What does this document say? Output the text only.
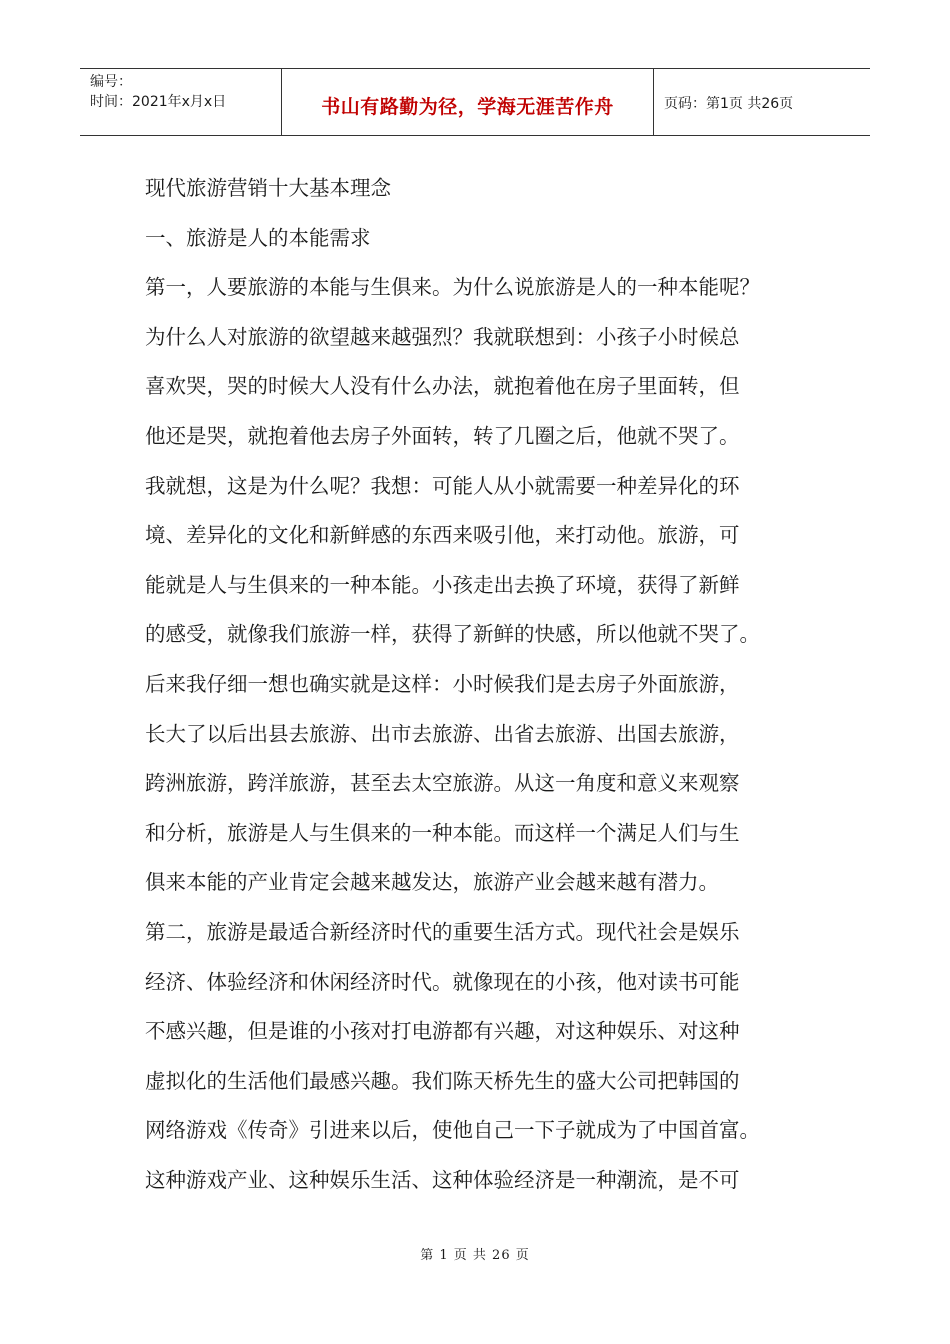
编号：
时间：2021年x月x日	书山有路勤为径，学海无涯苦作舟	页码：第1页 共26页

现代旅游营销十大基本理念

一、旅游是人的本能需求

第一，人要旅游的本能与生俱来。为什么说旅游是人的一种本能呢？

为什么人对旅游的欲望越来越强烈？我就联想到：小孩子小时候总

喜欢哭，哭的时候大人没有什么办法，就抱着他在房子里面转，但

他还是哭，就抱着他去房子外面转，转了几圈之后，他就不哭了。

我就想，这是为什么呢？我想：可能人从小就需要一种差异化的环

境、差异化的文化和新鲜感的东西来吸引他，来打动他。旅游，可

能就是人与生俱来的一种本能。小孩走出去换了环境，获得了新鲜

的感受，就像我们旅游一样，获得了新鲜的快感，所以他就不哭了。

后来我仔细一想也确实就是这样：小时候我们是去房子外面旅游，

长大了以后出县去旅游、出市去旅游、出省去旅游、出国去旅游，

跨洲旅游，跨洋旅游，甚至去太空旅游。从这一角度和意义来观察

和分析，旅游是人与生俱来的一种本能。而这样一个满足人们与生

俱来本能的产业肯定会越来越发达，旅游产业会越来越有潜力。

第二，旅游是最适合新经济时代的重要生活方式。现代社会是娱乐

经济、体验经济和休闲经济时代。就像现在的小孩，他对读书可能

不感兴趣，但是谁的小孩对打电游都有兴趣，对这种娱乐、对这种

虚拟化的生活他们最感兴趣。我们陈天桥先生的盛大公司把韩国的

网络游戏《传奇》引进来以后，使他自己一下子就成为了中国首富。

这种游戏产业、这种娱乐生活、这种体验经济是一种潮流，是不可

第 1 页 共 26 页
